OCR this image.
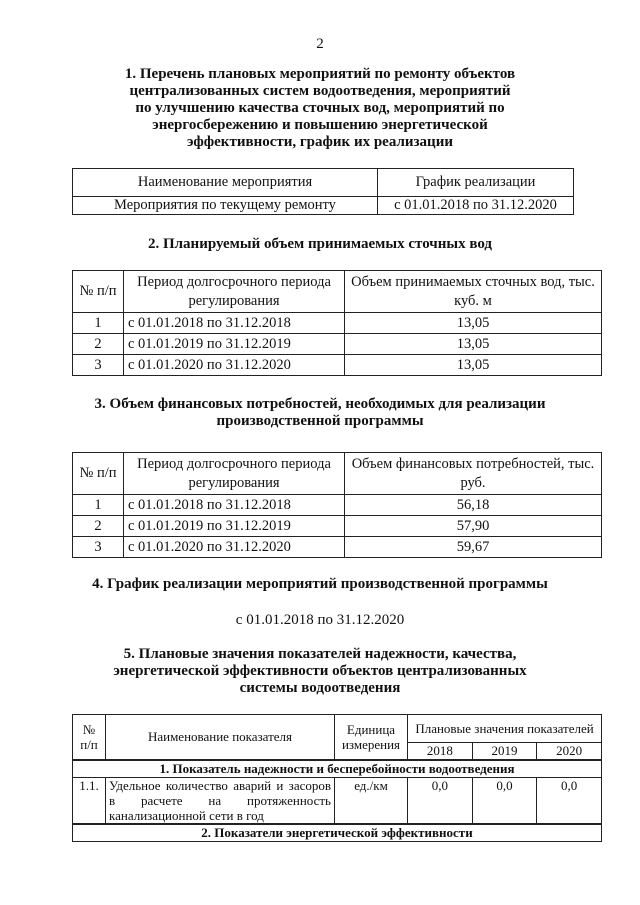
2
1. Перечень плановых мероприятий по ремонту объектов
централизованных систем водоотведения, мероприятий
по улучшению качества сточных вод, мероприятий по
энергосбережению и повышению энергетической
эффективности, график их реализации
Наименование мероприятия	График реализации
Мероприятия по текущему ремонту	с 01.01.2018 по 31.12.2020
2. Планируемый объем принимаемых сточных вод
№ п/п	Период долгосрочного периода регулирования	Объем принимаемых сточных вод, тыс. куб. м
1	с 01.01.2018 по 31.12.2018	13,05
2	с 01.01.2019 по 31.12.2019	13,05
3	с 01.01.2020 по 31.12.2020	13,05
3. Объем финансовых потребностей, необходимых для реализации
производственной программы
№ п/п	Период долгосрочного периода регулирования	Объем финансовых потребностей, тыс. руб.
1	с 01.01.2018 по 31.12.2018	56,18
2	с 01.01.2019 по 31.12.2019	57,90
3	с 01.01.2020 по 31.12.2020	59,67
4. График реализации мероприятий производственной программы
с 01.01.2018 по 31.12.2020
5. Плановые значения показателей надежности, качества,
энергетической эффективности объектов централизованных
системы водоотведения
№ п/п	Наименование показателя	Единица измерения	Плановые значения показателей		
			2018	2019	2020
1. Показатель надежности и бесперебойности водоотведения					
1.1.	Удельное количество аварий и засоров в расчете на протяженность канализационной сети в год	ед./км	0,0	0,0	0,0
2. Показатели энергетической эффективности					
